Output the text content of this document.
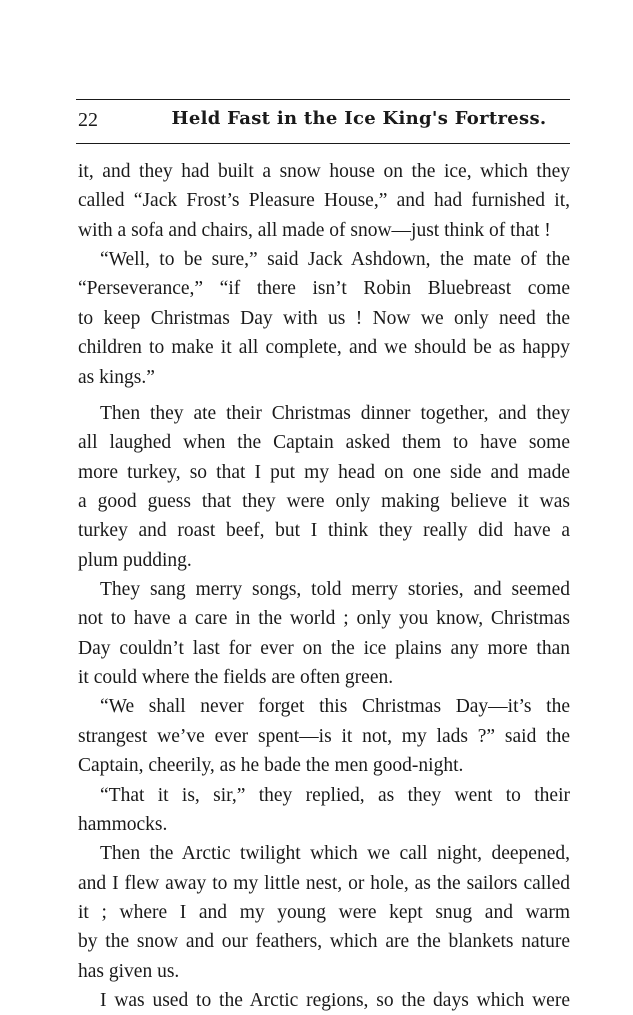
22	Held Fast in the Ice King's Fortress.
it, and they had built a snow house on the ice, which they
called “Jack Frost’s Pleasure House,” and had furnished it,
with a sofa and chairs, all made of snow—just think of that !
“Well, to be sure,” said Jack Ashdown, the mate of the
“Perseverance,” “if there isn’t Robin Bluebreast come
to keep Christmas Day with us ! Now we only need the
children to make it all complete, and we should be as happy
as kings.”
Then they ate their Christmas dinner together, and they
all laughed when the Captain asked them to have some
more turkey, so that I put my head on one side and made
a good guess that they were only making believe it was
turkey and roast beef, but I think they really did have a
plum pudding.
They sang merry songs, told merry stories, and seemed
not to have a care in the world ; only you know, Christmas
Day couldn’t last for ever on the ice plains any more than
it could where the fields are often green.
“We shall never forget this Christmas Day—it’s the
strangest we’ve ever spent—is it not, my lads ?” said the
Captain, cheerily, as he bade the men good-night.
“That it is, sir,” they replied, as they went to their
hammocks.
Then the Arctic twilight which we call night, deepened,
and I flew away to my little nest, or hole, as the sailors called
it ; where I and my young were kept snug and warm
by the snow and our feathers, which are the blankets nature
has given us.
I was used to the Arctic regions, so the days which were
